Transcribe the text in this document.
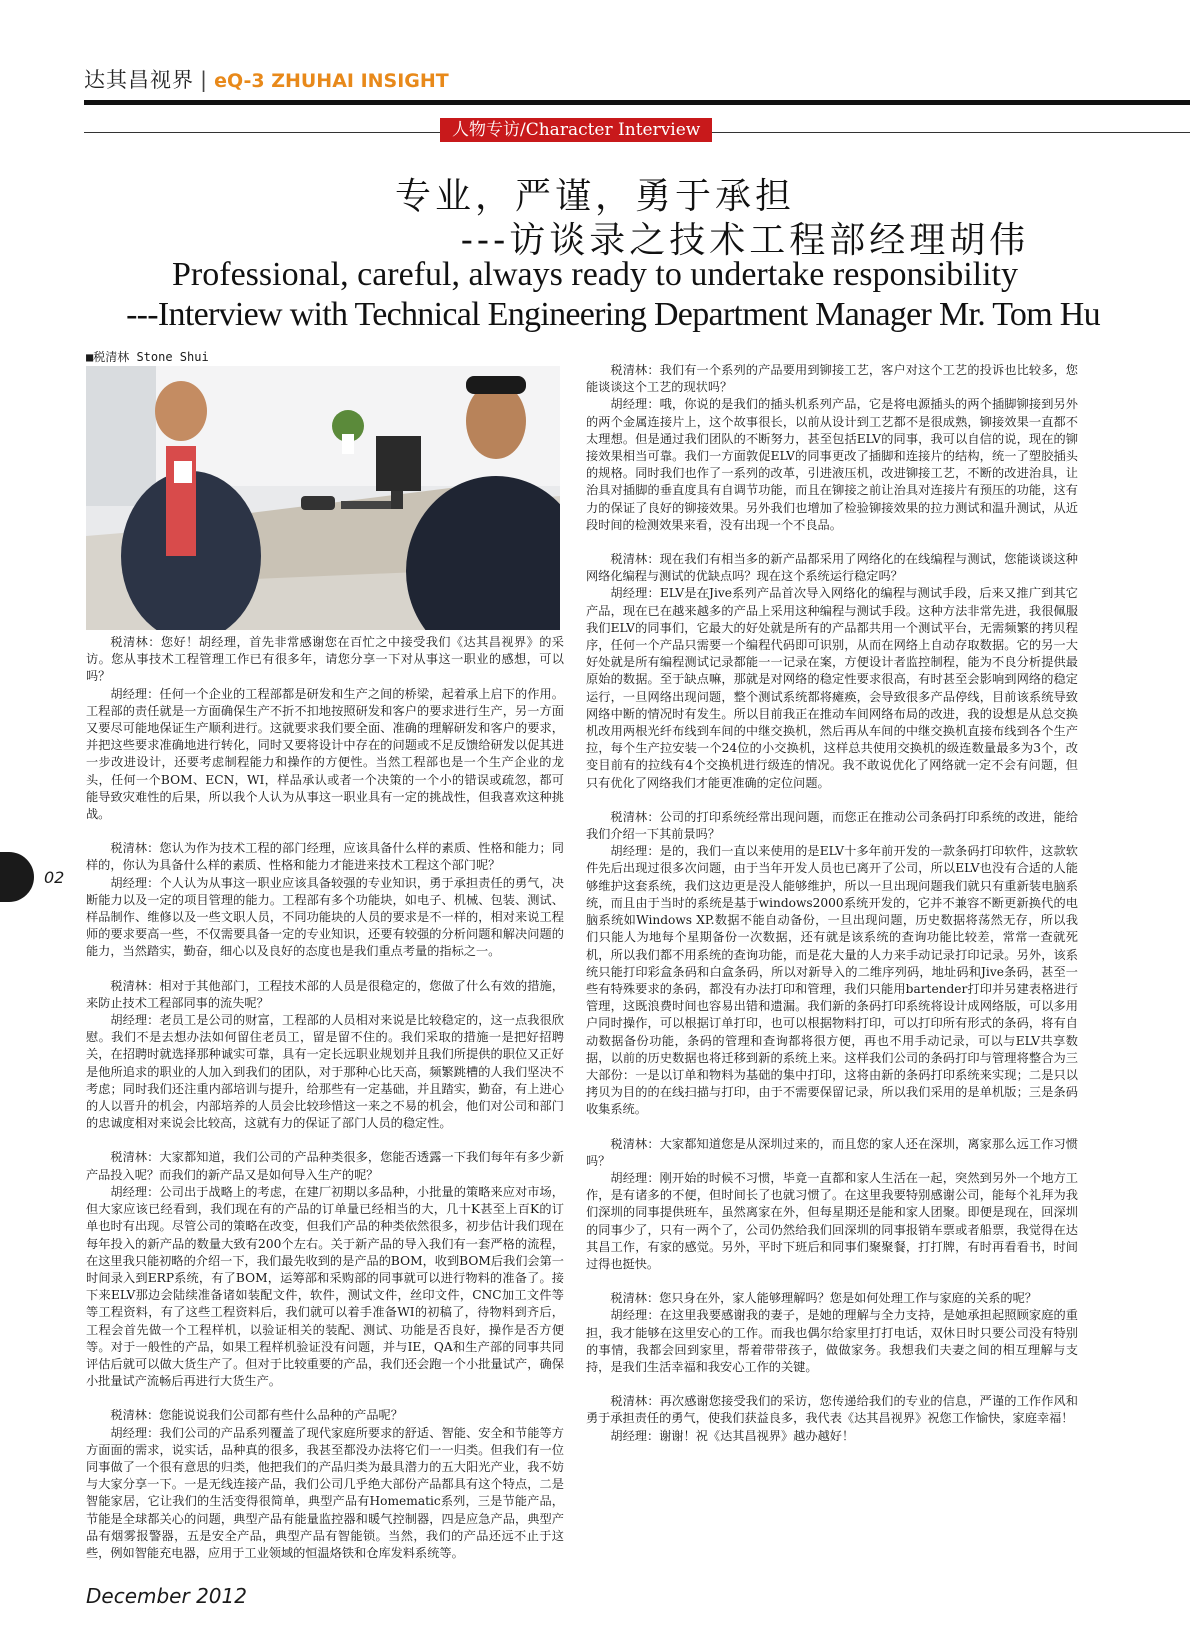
达其昌视界 | eQ-3 ZHUHAI INSIGHT
人物专访/Character Interview
专业，严谨，勇于承担
---访谈录之技术工程部经理胡伟
Professional, careful, always ready to undertake responsibility
---Interview with Technical Engineering Department Manager Mr. Tom Hu
■税清林 Stone Shui

税清林：您好！胡经理，首先非常感谢您在百忙之中接受我们《达其昌视界》的采访。您从事技术工程管理工作已有很多年，请您分享一下对从事这一职业的感想，可以吗？

胡经理：任何一个企业的工程部都是研发和生产之间的桥梁，起着承上启下的作用。工程部的责任就是一方面确保生产不折不扣地按照研发和客户的要求进行生产，另一方面又要尽可能地保证生产顺利进行。这就要求我们要全面、准确的理解研发和客户的要求，并把这些要求准确地进行转化，同时又要将设计中存在的问题或不足反馈给研发以促其进一步改进设计，还要考虑制程能力和操作的方便性。当然工程部也是一个生产企业的龙头，任何一个BOM、ECN，WI，样品承认或者一个决策的一个小的错误或疏忽，都可能导致灾难性的后果，所以我个人认为从事这一职业具有一定的挑战性，但我喜欢这种挑战。

税清林：您认为作为技术工程的部门经理，应该具备什么样的素质、性格和能力；同样的，你认为具备什么样的素质、性格和能力才能进来技术工程这个部门呢？

胡经理：个人认为从事这一职业应该具备较强的专业知识，勇于承担责任的勇气，决断能力以及一定的项目管理的能力。工程部有多个功能块，如电子、机械、包装、测试、样品制作、维修以及一些文职人员，不同功能块的人员的要求是不一样的，相对来说工程师的要求要高一些，不仅需要具备一定的专业知识，还要有较强的分析问题和解决问题的能力，当然踏实，勤奋，细心以及良好的态度也是我们重点考量的指标之一。

税清林：相对于其他部门，工程技术部的人员是很稳定的，您做了什么有效的措施，来防止技术工程部同事的流失呢？

胡经理：老员工是公司的财富，工程部的人员相对来说是比较稳定的，这一点我很欣慰。我们不是去想办法如何留住老员工，留是留不住的。我们采取的措施一是把好招聘关，在招聘时就选择那种诚实可靠，具有一定长远职业规划并且我们所提供的职位又正好是他所追求的职业的人加入到我们的团队，对于那种心比天高，频繁跳槽的人我们坚决不考虑；同时我们还注重内部培训与提升，给那些有一定基础，并且踏实，勤奋，有上进心的人以晋升的机会，内部培养的人员会比较珍惜这一来之不易的机会，他们对公司和部门的忠诚度相对来说会比较高，这就有力的保证了部门人员的稳定性。

税清林：大家都知道，我们公司的产品种类很多，您能否透露一下我们每年有多少新产品投入呢？而我们的新产品又是如何导入生产的呢？

胡经理：公司出于战略上的考虑，在建厂初期以多品种，小批量的策略来应对市场，但大家应该已经看到，我们现在有的产品的订单量已经相当的大，几十K甚至上百K的订单也时有出现。尽管公司的策略在改变，但我们产品的种类依然很多，初步估计我们现在每年投入的新产品的数量大致有200个左右。关于新产品的导入我们有一套严格的流程，在这里我只能初略的介绍一下，我们最先收到的是产品的BOM，收到BOM后我们会第一时间录入到ERP系统，有了BOM，运筹部和采购部的同事就可以进行物料的准备了。接下来ELV那边会陆续准备诸如装配文件，软件，测试文件，丝印文件，CNC加工文件等等工程资料，有了这些工程资料后，我们就可以着手准备WI的初稿了，待物料到齐后，工程会首先做一个工程样机，以验证相关的装配、测试、功能是否良好，操作是否方便等。对于一般性的产品，如果工程样机验证没有问题，并与IE，QA和生产部的同事共同评估后就可以做大货生产了。但对于比较重要的产品，我们还会跑一个小批量试产，确保小批量试产流畅后再进行大货生产。

税清林：您能说说我们公司都有些什么品种的产品呢？

胡经理：我们公司的产品系列覆盖了现代家庭所要求的舒适、智能、安全和节能等方方面面的需求，说实话，品种真的很多，我甚至都没办法将它们一一归类。但我们有一位同事做了一个很有意思的归类，他把我们的产品归类为最具潜力的五大阳光产业，我不妨与大家分享一下。一是无线连接产品，我们公司几乎绝大部份产品都具有这个特点，二是智能家居，它让我们的生活变得很简单，典型产品有Homematic系列，三是节能产品，节能是全球都关心的问题，典型产品有能量监控器和暖气控制器，四是应急产品，典型产品有烟雾报警器，五是安全产品，典型产品有智能锁。当然，我们的产品还远不止于这些，例如智能充电器，应用于工业领域的恒温烙铁和仓库发料系统等。

税清林：我们有一个系列的产品要用到铆接工艺，客户对这个工艺的投诉也比较多，您能谈谈这个工艺的现状吗？

胡经理：哦，你说的是我们的插头机系列产品，它是将电源插头的两个插脚铆接到另外的两个金属连接片上，这个故事很长，以前从设计到工艺都不是很成熟，铆接效果一直都不太理想。但是通过我们团队的不断努力，甚至包括ELV的同事，我可以自信的说，现在的铆接效果相当可靠。我们一方面敦促ELV的同事更改了插脚和连接片的结构，统一了塑胶插头的规格。同时我们也作了一系列的改革，引进液压机，改进铆接工艺，不断的改进治具，让治具对插脚的垂直度具有自调节功能，而且在铆接之前让治具对连接片有预压的功能，这有力的保证了良好的铆接效果。另外我们也增加了检验铆接效果的拉力测试和温升测试，从近段时间的检测效果来看，没有出现一个不良品。

税清林：现在我们有相当多的新产品都采用了网络化的在线编程与测试，您能谈谈这种网络化编程与测试的优缺点吗？现在这个系统运行稳定吗？

胡经理：ELV是在Jive系列产品首次导入网络化的编程与测试手段，后来又推广到其它产品，现在已在越来越多的产品上采用这种编程与测试手段。这种方法非常先进，我很佩服我们ELV的同事们，它最大的好处就是所有的产品都共用一个测试平台，无需频繁的拷贝程序，任何一个产品只需要一个编程代码即可识别，从而在网络上自动存取数据。它的另一大好处就是所有编程测试记录都能一一记录在案，方便设计者监控制程，能为不良分析提供最原始的数据。至于缺点嘛，那就是对网络的稳定性要求很高，有时甚至会影响到网络的稳定运行，一旦网络出现问题，整个测试系统都将瘫痪，会导致很多产品停线，目前该系统导致网络中断的情况时有发生。所以目前我正在推动车间网络布局的改进，我的设想是从总交换机改用两根光纤布线到车间的中继交换机，然后再从车间的中继交换机直接布线到各个生产拉，每个生产拉安装一个24位的小交换机，这样总共使用交换机的级连数量最多为3个，改变目前有的拉线有4个交换机进行级连的情况。我不敢说优化了网络就一定不会有问题，但只有优化了网络我们才能更准确的定位问题。

税清林：公司的打印系统经常出现问题，而您正在推动公司条码打印系统的改进，能给我们介绍一下其前景吗？

胡经理：是的，我们一直以来使用的是ELV十多年前开发的一款条码打印软件，这款软件先后出现过很多次问题，由于当年开发人员也已离开了公司，所以ELV也没有合适的人能够维护这套系统，我们这边更是没人能够维护，所以一旦出现问题我们就只有重新装电脑系统，而且由于当时的系统是基于windows2000系统开发的，它并不兼容不断更新换代的电脑系统如Windows XP.数据不能自动备份，一旦出现问题，历史数据将荡然无存，所以我们只能人为地每个星期备份一次数据，还有就是该系统的查询功能比较差，常常一查就死机，所以我们都不用系统的查询功能，而是花大量的人力来手动记录打印记录。另外，该系统只能打印彩盒条码和白盒条码，所以对新导入的二维序列码，地址码和Jive条码，甚至一些有特殊要求的条码，都没有办法打印和管理，我们只能用bartender打印并另建表格进行管理，这既浪费时间也容易出错和遗漏。我们新的条码打印系统将设计成网络版，可以多用户同时操作，可以根据订单打印，也可以根据物料打印，可以打印所有形式的条码，将有自动数据备份功能，条码的管理和查询都将很方便，再也不用手动记录，可以与ELV共享数据，以前的历史数据也将迁移到新的系统上来。这样我们公司的条码打印与管理将整合为三大部份：一是以订单和物料为基础的集中打印，这将由新的条码打印系统来实现；二是只以拷贝为目的的在线扫描与打印，由于不需要保留记录，所以我们采用的是单机版；三是条码收集系统。

税清林：大家都知道您是从深圳过来的，而且您的家人还在深圳，离家那么远工作习惯吗？

胡经理：刚开始的时候不习惯，毕竟一直都和家人生活在一起，突然到另外一个地方工作，是有诸多的不便，但时间长了也就习惯了。在这里我要特别感谢公司，能每个礼拜为我们深圳的同事提供班车，虽然离家在外，但每星期还是能和家人团聚。即便是现在，回深圳的同事少了，只有一两个了，公司仍然给我们回深圳的同事报销车票或者船票，我觉得在达其昌工作，有家的感觉。另外，平时下班后和同事们聚聚餐，打打牌，有时再看看书，时间过得也挺快。

税清林：您只身在外，家人能够理解吗？您是如何处理工作与家庭的关系的呢？

胡经理：在这里我要感谢我的妻子，是她的理解与全力支持，是她承担起照顾家庭的重担，我才能够在这里安心的工作。而我也偶尔给家里打打电话，双休日时只要公司没有特别的事情，我都会回到家里，帮着带带孩子，做做家务。我想我们夫妻之间的相互理解与支持，是我们生活幸福和我安心工作的关键。

税清林：再次感谢您接受我们的采访，您传递给我们的专业的信息，严谨的工作作风和勇于承担责任的勇气，使我们获益良多，我代表《达其昌视界》祝您工作愉快，家庭幸福！

胡经理：谢谢！祝《达其昌视界》越办越好！

02
December 2012
